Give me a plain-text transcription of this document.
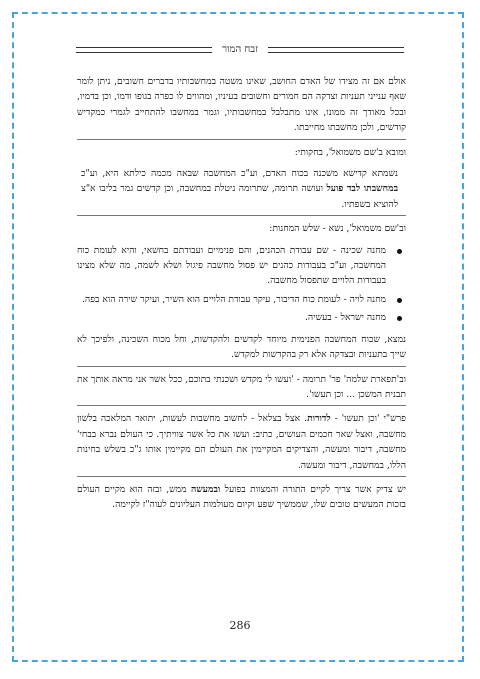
זבח המור

אולם אם זה מצידו של האדם החושב, שאינו משטה במחשבותיו בדברים חשובים, ניתן לומר שאף ענייני תעניות וצדקה הם חמורים וחשובים בעיניו, ומהווים לו כפרה בגופו ודמו, וכן בדמיו, ובכל מאודך זה ממונו, אינו מתבלבל במחשבותיו, וגמר במחשבו להתחייב לגמרי כמקדיש קודשים, ולכן מחשבתו מחייבתו.

ומובא ב'שם משמואל', בחקותי:

נשמתא קדישא משכנה בכוח האדם, וע"כ המחשבה שבאה מכמה כילתא היא, וע"כ במחשבתו לבד פועל ועושה תרומה, שתרומה ניטלת במחשבה, וכן קדשים גמר בליבו א"צ להוציא בשפתיו.

וב'שם משמואל', נשא - שלש המחנות:

מחנה שכינה - שם עבודת הכהנים, והם פנימיים ועבודתם בחשאי, והיא לעומת כוח המחשבה, וע"כ בעבודות כהנים יש פסול מחשבה פיגול ושלא לשמה, מה שלא מצינו בעבודות הלויים שתפסול מחשבה.
מחנה לויה - לעומת כוח הדיבור, עיקר עבודת הלויים הוא השיר, ועיקר שירה הוא בפה.
מחנה ישראל - בעשיה.

נמצא, שכוח המחשבה הפנימית מיוחד לקדשים ולהקדשות, וחל מכוח השכינה, ולפיכך לא שייך בתעניות ובצדקה אלא רק בהקדשות למקדש.

וב'תפארת שלמה' פר' תרומה - 'ועשו לי מקדש ושכנתי בתוכם, ככל אשר אני מראה אותך את תבנית המשכן ... וכן תעשו'.

פרש"י 'וכן תעשו' - לדורות. אצל בצלאל - לחשוב מחשבות לעשות, יתואר המלאכה בלשון מחשבה, ואצל שאר חכמים העושים, כתיב: ועשו את כל אשר צוויתיך. כי העולם נברא בבחי' מחשבה, דיבור ומעשה, והצדיקים המקיימין את העולם הם מקיימין אותו ג"כ בשלש בחינות הללו, במחשבה, דיבור ומעשה.

יש צדיק אשר צריך לקיים התורה והמצוות בפועל ובמעשה ממש, ובזה הוא מקיים העולם בזכות המעשים טובים שלו, שממשיך שפע וקיום מעולמות העליונים לעוה"ז לקיימה.

286
